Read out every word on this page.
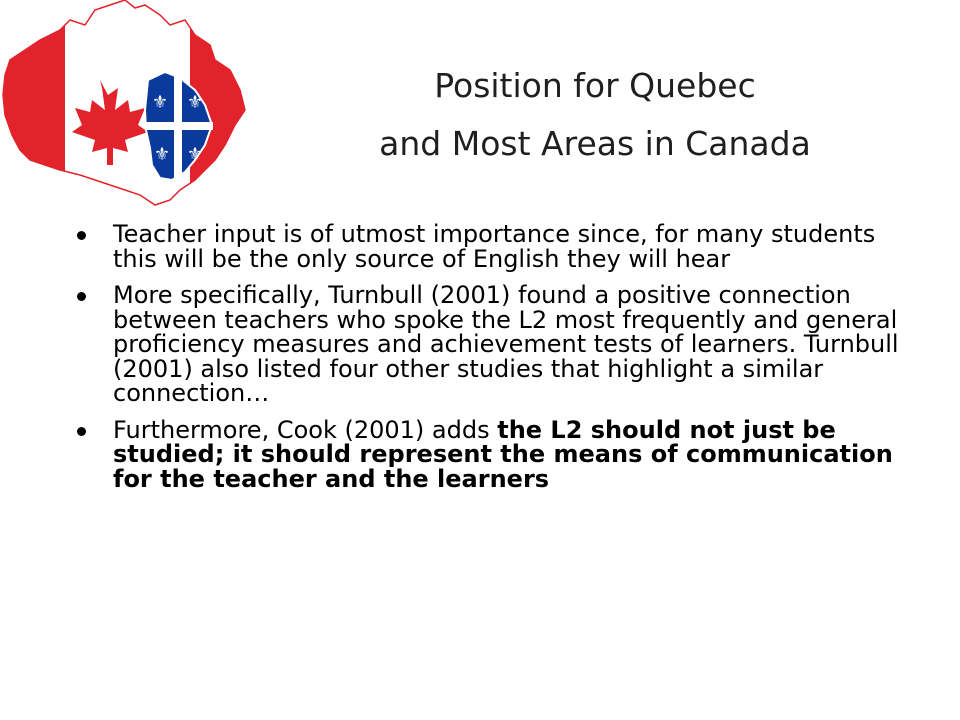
⚜ ⚜
⚜ ⚜
Position for Quebec
and Most Areas in Canada
Teacher input is of utmost importance since, for many students this will be the only source of English they will hear
More specifically, Turnbull (2001) found a positive connection between teachers who spoke the L2 most frequently and general proficiency measures and achievement tests of learners. Turnbull (2001) also listed four other studies that highlight a similar connection…
Furthermore, Cook (2001) adds the L2 should not just be studied; it should represent the means of communication for the teacher and the learners
